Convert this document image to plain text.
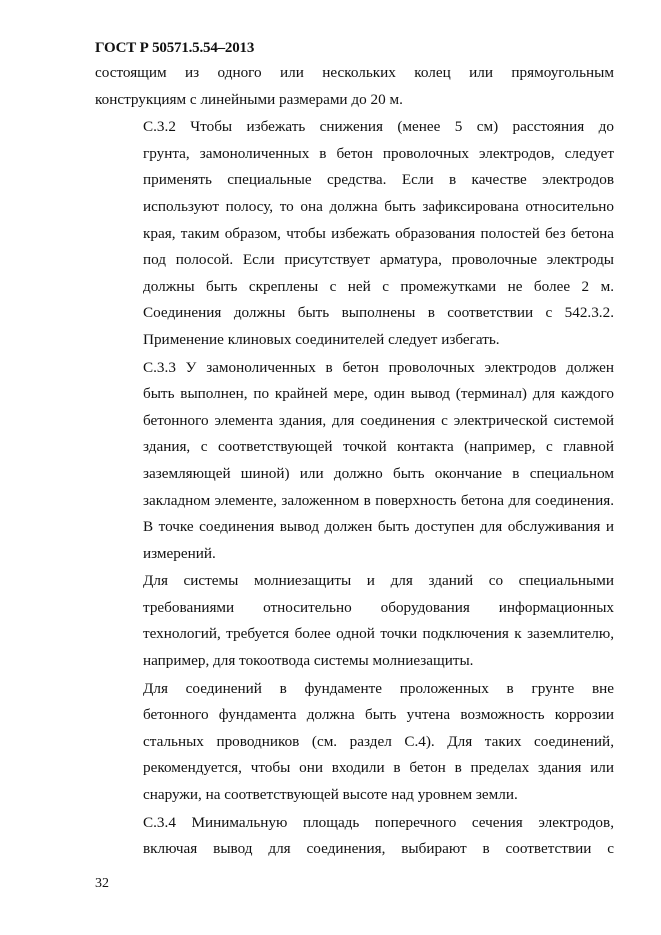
ГОСТ Р 50571.5.54–2013

состоящим из одного или нескольких колец или прямоугольным
конструкциям с линейными размерами до 20 м.

С.3.2 Чтобы избежать снижения (менее 5 см) расстояния до
грунта, замоноличенных в бетон проволочных электродов, следует
применять специальные средства. Если в качестве электродов
используют полосу, то она должна быть зафиксирована относительно
края, таким образом, чтобы избежать образования полостей без бетона
под полосой. Если присутствует арматура, проволочные электроды
должны быть скреплены с ней с промежутками не более 2 м.
Соединения должны быть выполнены в соответствии с 542.3.2.
Применение клиновых соединителей следует избегать.

С.3.3 У замоноличенных в бетон проволочных электродов должен
быть выполнен, по крайней мере, один вывод (терминал) для каждого
бетонного элемента здания, для соединения с электрической системой
здания, с соответствующей точкой контакта (например, с главной
заземляющей шиной) или должно быть окончание в специальном
закладном элементе, заложенном в поверхность бетона для соединения.
В точке соединения вывод должен быть доступен для обслуживания и
измерений.

Для системы молниезащиты и для зданий со специальными
требованиями относительно оборудования информационных
технологий, требуется более одной точки подключения к заземлителю,
например, для токоотвода системы молниезащиты.

Для соединений в фундаменте проложенных в грунте вне
бетонного фундамента должна быть учтена возможность коррозии
стальных проводников (см. раздел С.4). Для таких соединений,
рекомендуется, чтобы они входили в бетон в пределах здания или
снаружи, на соответствующей высоте над уровнем земли.

С.3.4 Минимальную площадь поперечного сечения электродов,
включая вывод для соединения, выбирают в соответствии с

32
